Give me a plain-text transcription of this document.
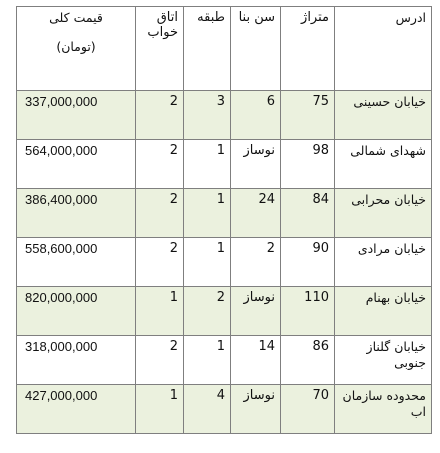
ادرس	متراژ	سن بنا	طبقه	اتاق خواب	قیمت کلی
(تومان)

خیابان حسینی	75	6	3	2	337,000,000

شهدای شمالی	98	نوساز	1	2	564,000,000

خیابان محرابی	84	24	1	2	386,400,000

خیابان مرادی	90	2	1	2	558,600,000

خیابان بهنام	110	نوساز	2	1	820,000,000

خیابان گلناز جنوبی	86	14	1	2	318,000,000

محدوده سازمان اب	70	نوساز	4	1	427,000,000
